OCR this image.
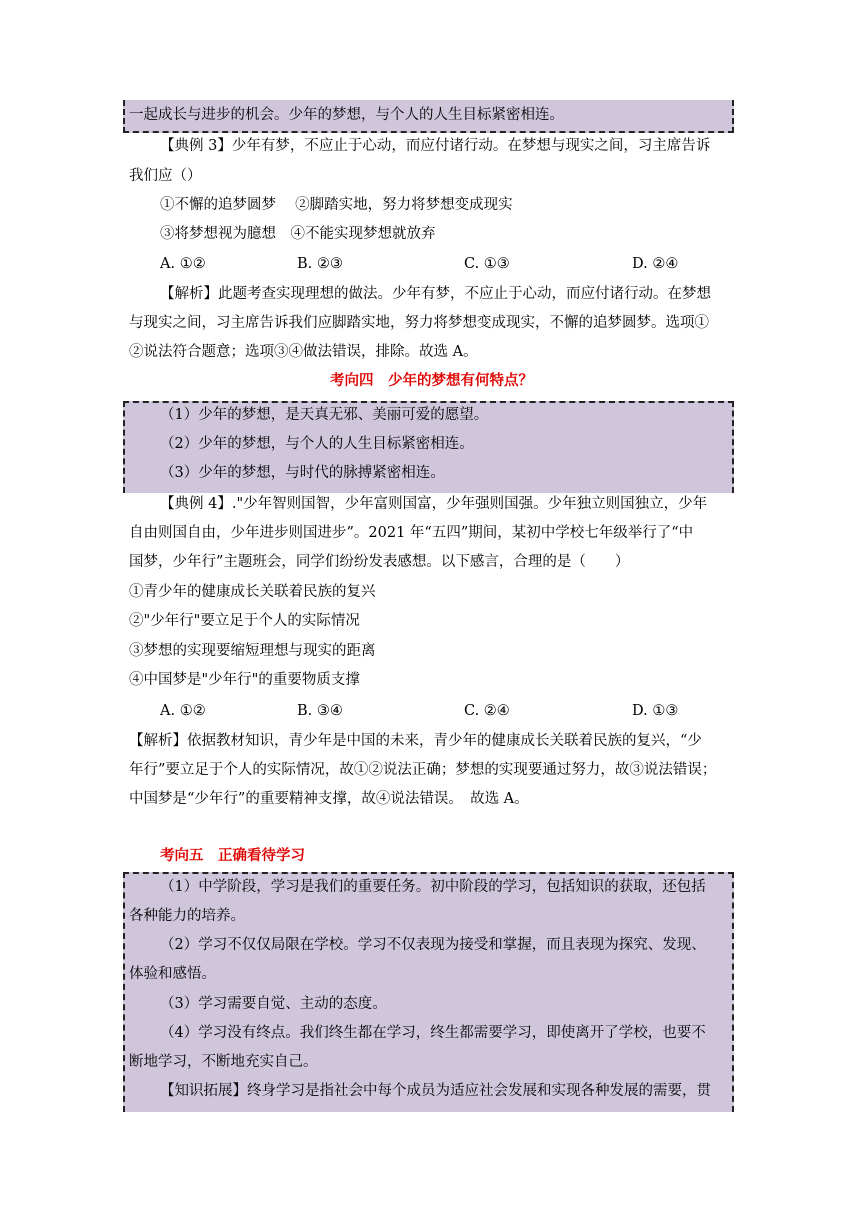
一起成长与进步的机会。少年的梦想，与个人的人生目标紧密相连。
【典例 3】少年有梦，不应止于心动，而应付诸行动。在梦想与现实之间，习主席告诉
我们应（）
①不懈的追梦圆梦　 ②脚踏实地，努力将梦想变成现实
③将梦想视为臆想　④不能实现梦想就放弃
A. ①②	B. ②③	C. ①③	D. ②④
【解析】此题考查实现理想的做法。少年有梦，不应止于心动，而应付诸行动。在梦想
与现实之间，习主席告诉我们应脚踏实地，努力将梦想变成现实，不懈的追梦圆梦。选项①
②说法符合题意；选项③④做法错误，排除。故选 A。
考向四　少年的梦想有何特点？
（1）少年的梦想，是天真无邪、美丽可爱的愿望。
（2）少年的梦想，与个人的人生目标紧密相连。
（3）少年的梦想，与时代的脉搏紧密相连。
【典例 4】."少年智则国智，少年富则国富，少年强则国强。少年独立则国独立，少年
自由则国自由，少年进步则国进步”。2021 年“五四”期间，某初中学校七年级举行了“中
国梦，少年行”主题班会，同学们纷纷发表感想。以下感言，合理的是（　　）
①青少年的健康成长关联着民族的复兴
②"少年行"要立足于个人的实际情况
③梦想的实现要缩短理想与现实的距离
④中国梦是"少年行"的重要物质支撑
A. ①②	B. ③④	C. ②④	D. ①③
【解析】依据教材知识，青少年是中国的未来，青少年的健康成长关联着民族的复兴，“少
年行”要立足于个人的实际情况，故①②说法正确；梦想的实现要通过努力，故③说法错误；
中国梦是“少年行”的重要精神支撑，故④说法错误。　故选 A。
考向五　正确看待学习
（1）中学阶段，学习是我们的重要任务。初中阶段的学习，包括知识的获取，还包括
各种能力的培养。
（2）学习不仅仅局限在学校。学习不仅表现为接受和掌握，而且表现为探究、发现、
体验和感悟。
（3）学习需要自觉、主动的态度。
（4）学习没有终点。我们终生都在学习，终生都需要学习，即使离开了学校，也要不
断地学习，不断地充实自己。
【知识拓展】终身学习是指社会中每个成员为适应社会发展和实现各种发展的需要，贯
